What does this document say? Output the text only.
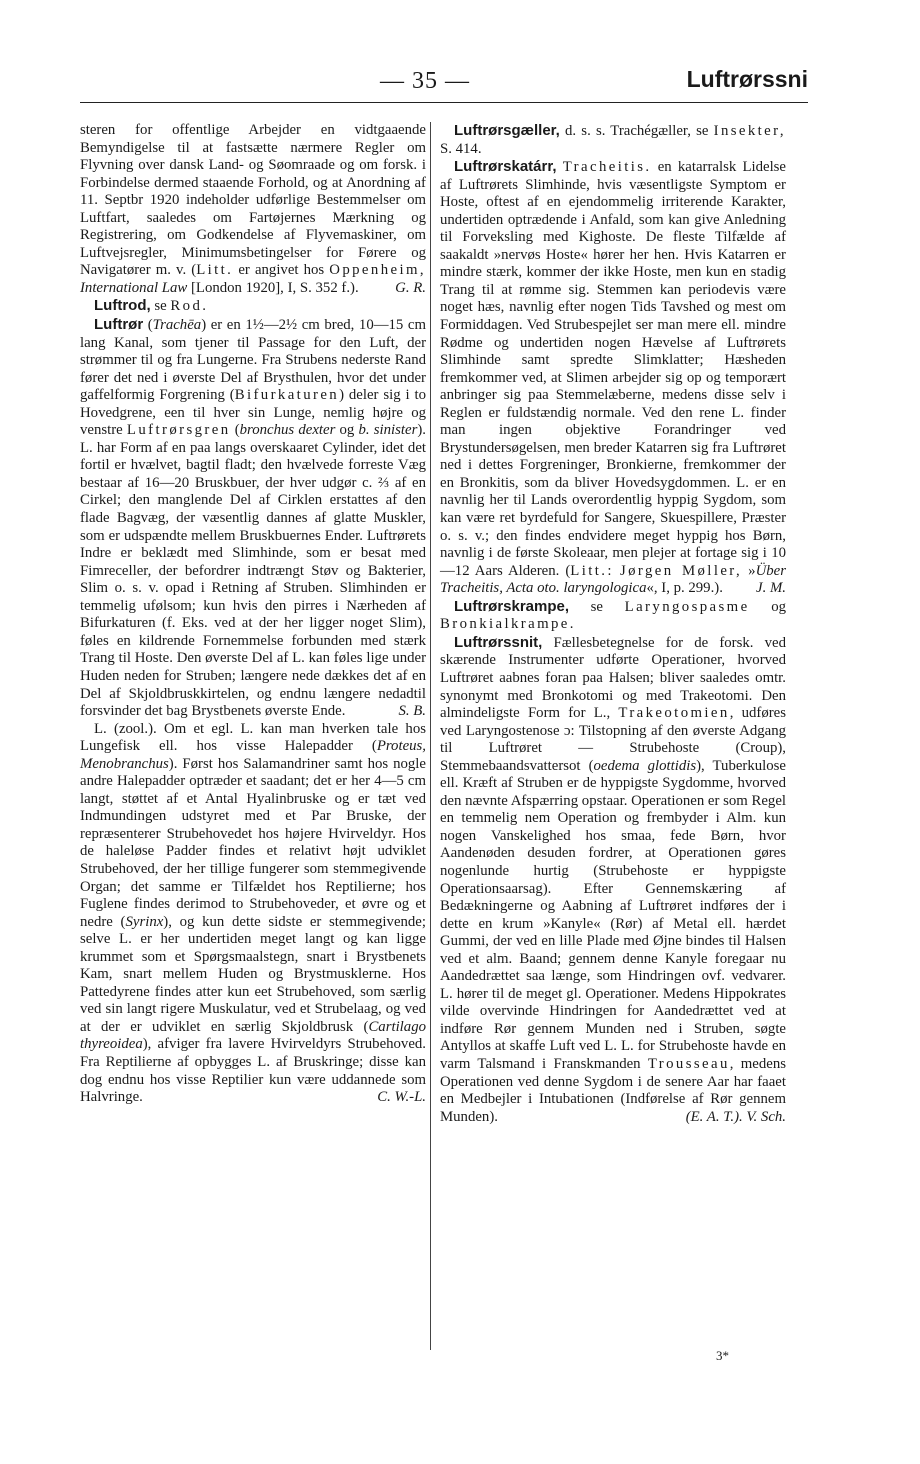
— 35 —	Luftrørssni

steren for offentlige Arbejder en vidtgaaende Bemyndigelse til at fastsætte nærmere Regler om Flyvning over dansk Land- og Søomraade og om forsk. i Forbindelse dermed staaende Forhold, og at Anordning af 11. Septbr 1920 indeholder udførlige Bestemmelser om Luftfart, saaledes om Fartøjernes Mærkning og Registrering, om Godkendelse af Flyvemaskiner, om Luftvejsregler, Minimumsbetingelser for Førere og Navigatører m. v. (Litt. er angivet hos Oppenheim, International Law [London 1920], I, S. 352 f.). G. R.

Luftrod, se Rod.

Luftrør (Trachēa) er en 1½—2½ cm bred, 10—15 cm lang Kanal, som tjener til Passage for den Luft, der strømmer til og fra Lungerne. Fra Strubens nederste Rand fører det ned i øverste Del af Brysthulen, hvor det under gaffelformig Forgrening (Bifurkaturen) deler sig i to Hovedgrene, een til hver sin Lunge, nemlig højre og venstre Luftrørsgren (bronchus dexter og b. sinister). L. har Form af en paa langs overskaaret Cylinder, idet det fortil er hvælvet, bagtil fladt; den hvælvede forreste Væg bestaar af 16—20 Bruskbuer, der hver udgør c. ⅔ af en Cirkel; den manglende Del af Cirklen erstattes af den flade Bagvæg, der væsentlig dannes af glatte Muskler, som er udspændte mellem Bruskbuernes Ender. Luftrørets Indre er beklædt med Slimhinde, som er besat med Fimreceller, der befordrer indtrængt Støv og Bakterier, Slim o. s. v. opad i Retning af Struben. Slimhinden er temmelig ufølsom; kun hvis den pirres i Nærheden af Bifurkaturen (f. Eks. ved at der her ligger noget Slim), føles en kildrende Fornemmelse forbunden med stærk Trang til Hoste. Den øverste Del af L. kan føles lige under Huden neden for Struben; længere nede dækkes det af en Del af Skjoldbruskkirtelen, og endnu længere nedadtil forsvinder det bag Brystbenets øverste Ende.	S. B.

L. (zool.). Om et egl. L. kan man hverken tale hos Lungefisk ell. hos visse Halepadder (Proteus, Menobranchus). Først hos Salamandriner samt hos nogle andre Halepadder optræder et saadant; det er her 4—5 cm langt, støttet af et Antal Hyalinbruske og er tæt ved Indmundingen udstyret med et Par Bruske, der repræsenterer Strubehovedet hos højere Hvirveldyr. Hos de haleløse Padder findes et relativt højt udviklet Strubehoved, der her tillige fungerer som stemmegivende Organ; det samme er Tilfældet hos Reptilierne; hos Fuglene findes derimod to Strubehoveder, et øvre og et nedre (Syrinx), og kun dette sidste er stemmegivende; selve L. er her undertiden meget langt og kan ligge krummet som et Spørgsmaalstegn, snart i Brystbenets Kam, snart mellem Huden og Brystmusklerne. Hos Pattedyrene findes atter kun eet Strubehoved, som særlig ved sin langt rigere Muskulatur, ved et Strubelaag, og ved at der er udviklet en særlig Skjoldbrusk (Cartilago thyreoidea), afviger fra lavere Hvirveldyrs Strubehoved. Fra Reptilierne af opbygges L. af Bruskringe; disse kan dog endnu hos visse Reptilier kun være uddannede som Halvringe.	C. W.-L.

Luftrørsgæller, d. s. s. Trachégæller, se Insekter, S. 414.

Luftrørskatárr, Tracheitis. en katarralsk Lidelse af Luftrørets Slimhinde, hvis væsentligste Symptom er Hoste, oftest af en ejendommelig irriterende Karakter, undertiden optrædende i Anfald, som kan give Anledning til Forveksling med Kighoste. De fleste Tilfælde af saakaldt »nervøs Hoste« hører her hen. Hvis Katarren er mindre stærk, kommer der ikke Hoste, men kun en stadig Trang til at rømme sig. Stemmen kan periodevis være noget hæs, navnlig efter nogen Tids Tavshed og mest om Formiddagen. Ved Strubespejlet ser man mere ell. mindre Rødme og undertiden nogen Hævelse af Luftrørets Slimhinde samt spredte Slimklatter; Hæsheden fremkommer ved, at Slimen arbejder sig op og temporært anbringer sig paa Stemmelæberne, medens disse selv i Reglen er fuldstændig normale. Ved den rene L. finder man ingen objektive Forandringer ved Brystundersøgelsen, men breder Katarren sig fra Luftrøret ned i dettes Forgreninger, Bronkierne, fremkommer der en Bronkitis, som da bliver Hovedsygdommen. L. er en navnlig her til Lands overordentlig hyppig Sygdom, som kan være ret byrdefuld for Sangere, Skuespillere, Præster o. s. v.; den findes endvidere meget hyppig hos Børn, navnlig i de første Skoleaar, men plejer at fortage sig i 10—12 Aars Alderen. (Litt.: Jørgen Møller, »Über Tracheitis, Acta oto. laryngologica«, I, p. 299.).	J. M.

Luftrørskrampe, se Laryngospasme og Bronkialkrampe.

Luftrørssnit, Fællesbetegnelse for de forsk. ved skærende Instrumenter udførte Operationer, hvorved Luftrøret aabnes foran paa Halsen; bliver saaledes omtr. synonymt med Bronkotomi og med Trakeotomi. Den almindeligste Form for L., Trakeotomien, udføres ved Laryngostenose ɔ: Tilstopning af den øverste Adgang til Luftrøret — Strubehoste (Croup), Stemmebaandsvattersot (oedema glottidis), Tuberkulose ell. Kræft af Struben er de hyppigste Sygdomme, hvorved den nævnte Afspærring opstaar. Operationen er som Regel en temmelig nem Operation og frembyder i Alm. kun nogen Vanskelighed hos smaa, fede Børn, hvor Aandenøden desuden fordrer, at Operationen gøres nogenlunde hurtig (Strubehoste er hyppigste Operationsaarsag). Efter Gennemskæring af Bedækningerne og Aabning af Luftrøret indføres der i dette en krum »Kanyle« (Rør) af Metal ell. hærdet Gummi, der ved en lille Plade med Øjne bindes til Halsen ved et alm. Baand; gennem denne Kanyle foregaar nu Aandedrættet saa længe, som Hindringen ovf. vedvarer. L. hører til de meget gl. Operationer. Medens Hippokrates vilde overvinde Hindringen for Aandedrættet ved at indføre Rør gennem Munden ned i Struben, søgte Antyllos at skaffe Luft ved L. L. for Strubehoste havde en varm Talsmand i Franskmanden Trousseau, medens Operationen ved denne Sygdom i de senere Aar har faaet en Medbejler i Intubationen (Indførelse af Rør gennem Munden).	(E. A. T.). V. Sch.

3*
